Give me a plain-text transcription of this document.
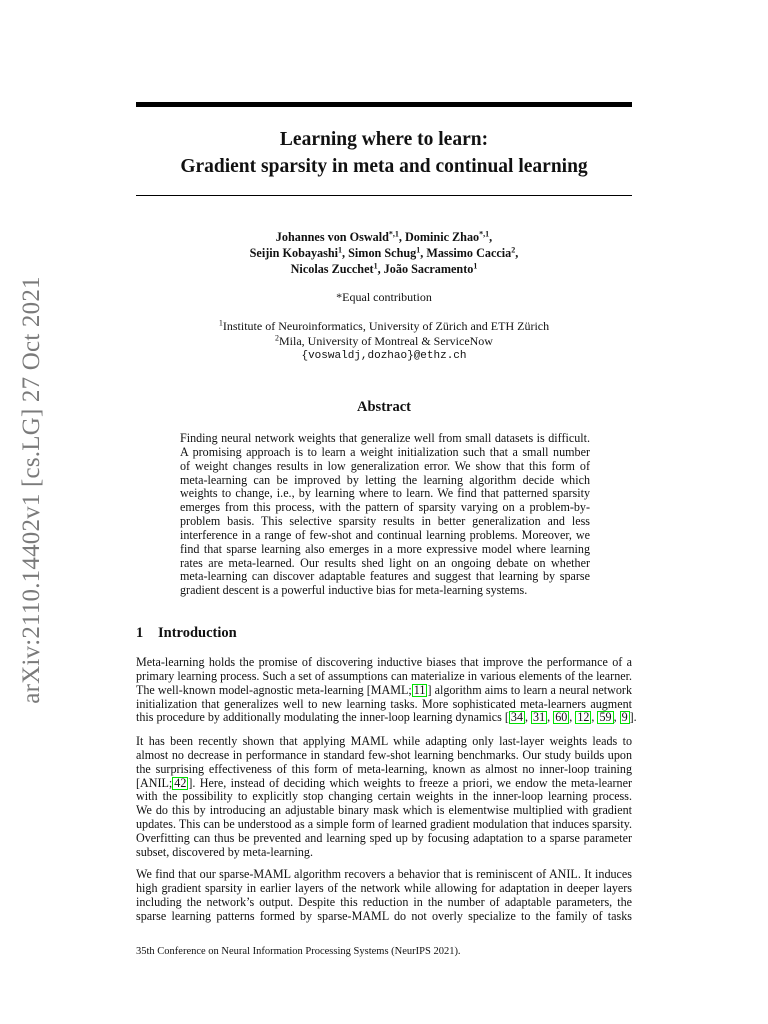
arXiv:2110.14402v1 [cs.LG] 27 Oct 2021
Learning where to learn:
Gradient sparsity in meta and continual learning
Johannes von Oswald$^{*,1}$, Dominic Zhao$^{*,1}$,
Seijin Kobayashi$^1$, Simon Schug$^1$, Massimo Caccia$^2$,
Nicolas Zucchet$^1$, João Sacramento$^1$
*Equal contribution
$^1$Institute of Neuroinformatics, University of Zürich and ETH Zürich
$^2$Mila, University of Montreal & ServiceNow
{voswaldj,dozhao}@ethz.ch
Abstract
Finding neural network weights that generalize well from small datasets is difficult.
A promising approach is to learn a weight initialization such that a small number
of weight changes results in low generalization error. We show that this form of
meta-learning can be improved by letting the learning algorithm decide which
weights to change, i.e., by learning where to learn. We find that patterned sparsity
emerges from this process, with the pattern of sparsity varying on a problem-by-
problem basis. This selective sparsity results in better generalization and less
interference in a range of few-shot and continual learning problems. Moreover, we
find that sparse learning also emerges in a more expressive model where learning
rates are meta-learned. Our results shed light on an ongoing debate on whether
meta-learning can discover adaptable features and suggest that learning by sparse
gradient descent is a powerful inductive bias for meta-learning systems.
1 Introduction
Meta-learning holds the promise of discovering inductive biases that improve the performance of a
primary learning process. Such a set of assumptions can materialize in various elements of the learner.
The well-known model-agnostic meta-learning [MAML; 11 ] algorithm aims to learn a neural network
initialization that generalizes well to new learning tasks. More sophisticated meta-learners augment
this procedure by additionally modulating the inner-loop learning dynamics [ 34 , 31 , 60 , 12 , 59 , 9 ].
It has been recently shown that applying MAML while adapting only last-layer weights leads to
almost no decrease in performance in standard few-shot learning benchmarks. Our study builds upon
the surprising effectiveness of this form of meta-learning, known as almost no inner-loop training
[ANIL; 42 ]. Here, instead of deciding which weights to freeze a priori, we endow the meta-learner
with the possibility to explicitly stop changing certain weights in the inner-loop learning process.
We do this by introducing an adjustable binary mask which is elementwise multiplied with gradient
updates. This can be understood as a simple form of learned gradient modulation that induces sparsity.
Overfitting can thus be prevented and learning sped up by focusing adaptation to a sparse parameter
subset, discovered by meta-learning.
We find that our sparse-MAML algorithm recovers a behavior that is reminiscent of ANIL. It induces
high gradient sparsity in earlier layers of the network while allowing for adaptation in deeper layers
including the network’s output. Despite this reduction in the number of adaptable parameters, the
sparse learning patterns formed by sparse-MAML do not overly specialize to the family of tasks
35th Conference on Neural Information Processing Systems (NeurIPS 2021).
